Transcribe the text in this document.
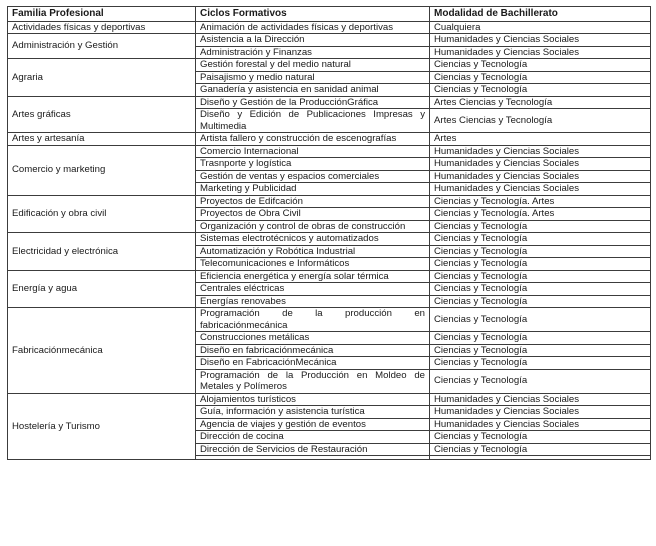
Familia Profesional	Ciclos Formativos	Modalidad de Bachillerato
Actividades físicas y deportivas	Animación de actividades físicas y deportivas	Cualquiera
Administración y Gestión	Asistencia a la Dirección	Humanidades y Ciencias Sociales
	Administración y Finanzas	Humanidades y Ciencias Sociales
Agraria	Gestión forestal y del medio natural	Ciencias y Tecnología
	Paisajismo y medio natural	Ciencias y Tecnología
	Ganadería y asistencia en sanidad animal	Ciencias y Tecnología
Artes gráficas	Diseño y Gestión de la ProducciónGráfica	Artes Ciencias y Tecnología
	Diseño y Edición de Publicaciones Impresas y Multimedia	Artes Ciencias y Tecnología
Artes y artesanía	Artista fallero y construcción de escenografías	Artes
Comercio y marketing	Comercio Internacional	Humanidades y Ciencias Sociales
	Trasnporte y logística	Humanidades y Ciencias Sociales
	Gestión de ventas y espacios comerciales	Humanidades y Ciencias Sociales
	Marketing y Publicidad	Humanidades y Ciencias Sociales
Edificación y obra civil	Proyectos de Edifcación	Ciencias y Tecnología. Artes
	Proyectos de Obra Civil	Ciencias y Tecnología. Artes
	Organización y control de obras de construcción	Ciencias y Tecnología
Electricidad y electrónica	Sistemas electrotécnicos y automatizados	Ciencias y Tecnología
	Automatización y Robótica Industrial	Ciencias y Tecnología
	Telecomunicaciones e Informáticos	Ciencias y Tecnología
Energía y agua	Eficiencia energética y energía solar térmica	Ciencias y Tecnología
	Centrales eléctricas	Ciencias y Tecnología
	Energías renovabes	Ciencias y Tecnología
Fabricaciónmecánica	Programación de la producción en fabricaciónmecánica	Ciencias y Tecnología
	Construcciones metálicas	Ciencias y Tecnología
	Diseño en fabricaciónmecánica	Ciencias y Tecnología
	Diseño en FabricaciónMecánica	Ciencias y Tecnología
	Programación de la Producción en Moldeo de Metales y Polímeros	Ciencias y Tecnología
Hostelería y Turismo	Alojamientos turísticos	Humanidades y Ciencias Sociales
	Guía, información y asistencia turística	Humanidades y Ciencias Sociales
	Agencia de viajes y gestión de eventos	Humanidades y Ciencias Sociales
	Dirección de cocina	Ciencias y Tecnología
	Dirección de Servicios de Restauración	Ciencias y Tecnología
